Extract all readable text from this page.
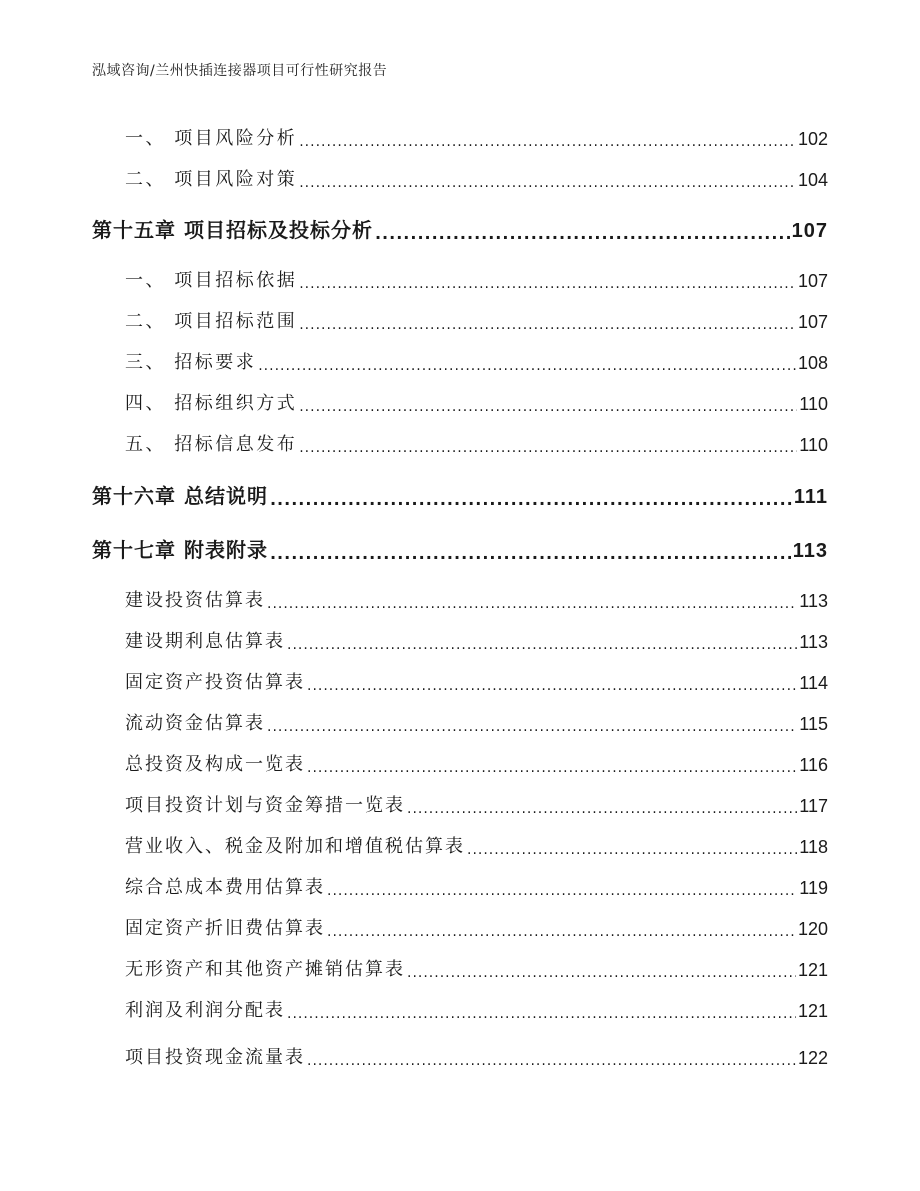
泓域咨询/兰州快插连接器项目可行性研究报告
一、 项目风险分析 .....	102
二、 项目风险对策 .....	104
第十五章 项目招标及投标分析 .....	107
一、 项目招标依据 .....	107
二、 项目招标范围 .....	107
三、 招标要求 .....	108
四、 招标组织方式 .....	110
五、 招标信息发布 .....	110
第十六章 总结说明 .....	111
第十七章 附表附录 .....	113
建设投资估算表 .....	113
建设期利息估算表 .....	113
固定资产投资估算表 .....	114
流动资金估算表 .....	115
总投资及构成一览表 .....	116
项目投资计划与资金筹措一览表 .....	117
营业收入、税金及附加和增值税估算表 .....	118
综合总成本费用估算表 .....	119
固定资产折旧费估算表 .....	120
无形资产和其他资产摊销估算表 .....	121
利润及利润分配表 .....	121
项目投资现金流量表 .....	122
